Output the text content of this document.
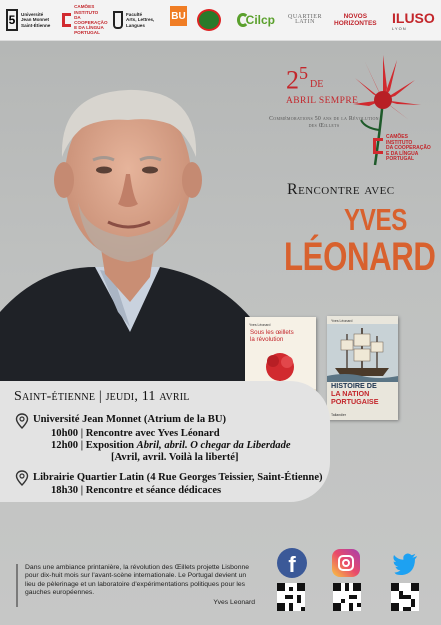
5	Université
Jean Monnet
Saint-Étienne
CAMÕES
INSTITUTO
DA COOPERAÇÃO
E DA LÍNGUA
PORTUGAL
Faculté
Arts, Lettres,
Langues
BU	Cilcp	QUARTIER LATIN
NOVOS
HORIZONTES ILUSO
LYON
$2^5$
DE
ABRIL SEMPRE
Commémorations 50 ans de la Révolution des Œillets
CAMÕES
INSTITUTO
DA COOPERAÇÃO
E DA LÍNGUA
PORTUGAL
Rencontre avec
YVES
LÉONARD
Yves Léonard
Sous les œillets la révolution
Yves Léonard
HISTOIRE DE
LA NATION PORTUGAISE
Tallandier
Saint-étienne | jeudi, 11 avril
Université Jean Monnet (Atrium de la BU)
10h00 | Rencontre avec Yves Léonard
12h00 | Exposition Abril, abril. O chegar da Liberdade
[Avril, avril. Voilà la liberté]
Librairie Quartier Latin (4 Rue Georges Teissier, Saint-Étienne)
18h30 | Rencontre et séance dédicaces
Dans une ambiance printanière, la révolution des Œillets projette Lisbonne pour dix-huit mois sur l'avant-scène internationale. Le Portugal devient un lieu de pèlerinage et un laboratoire d'expérimentations politiques pour les gauches européennes.
Yves Leonard
f
